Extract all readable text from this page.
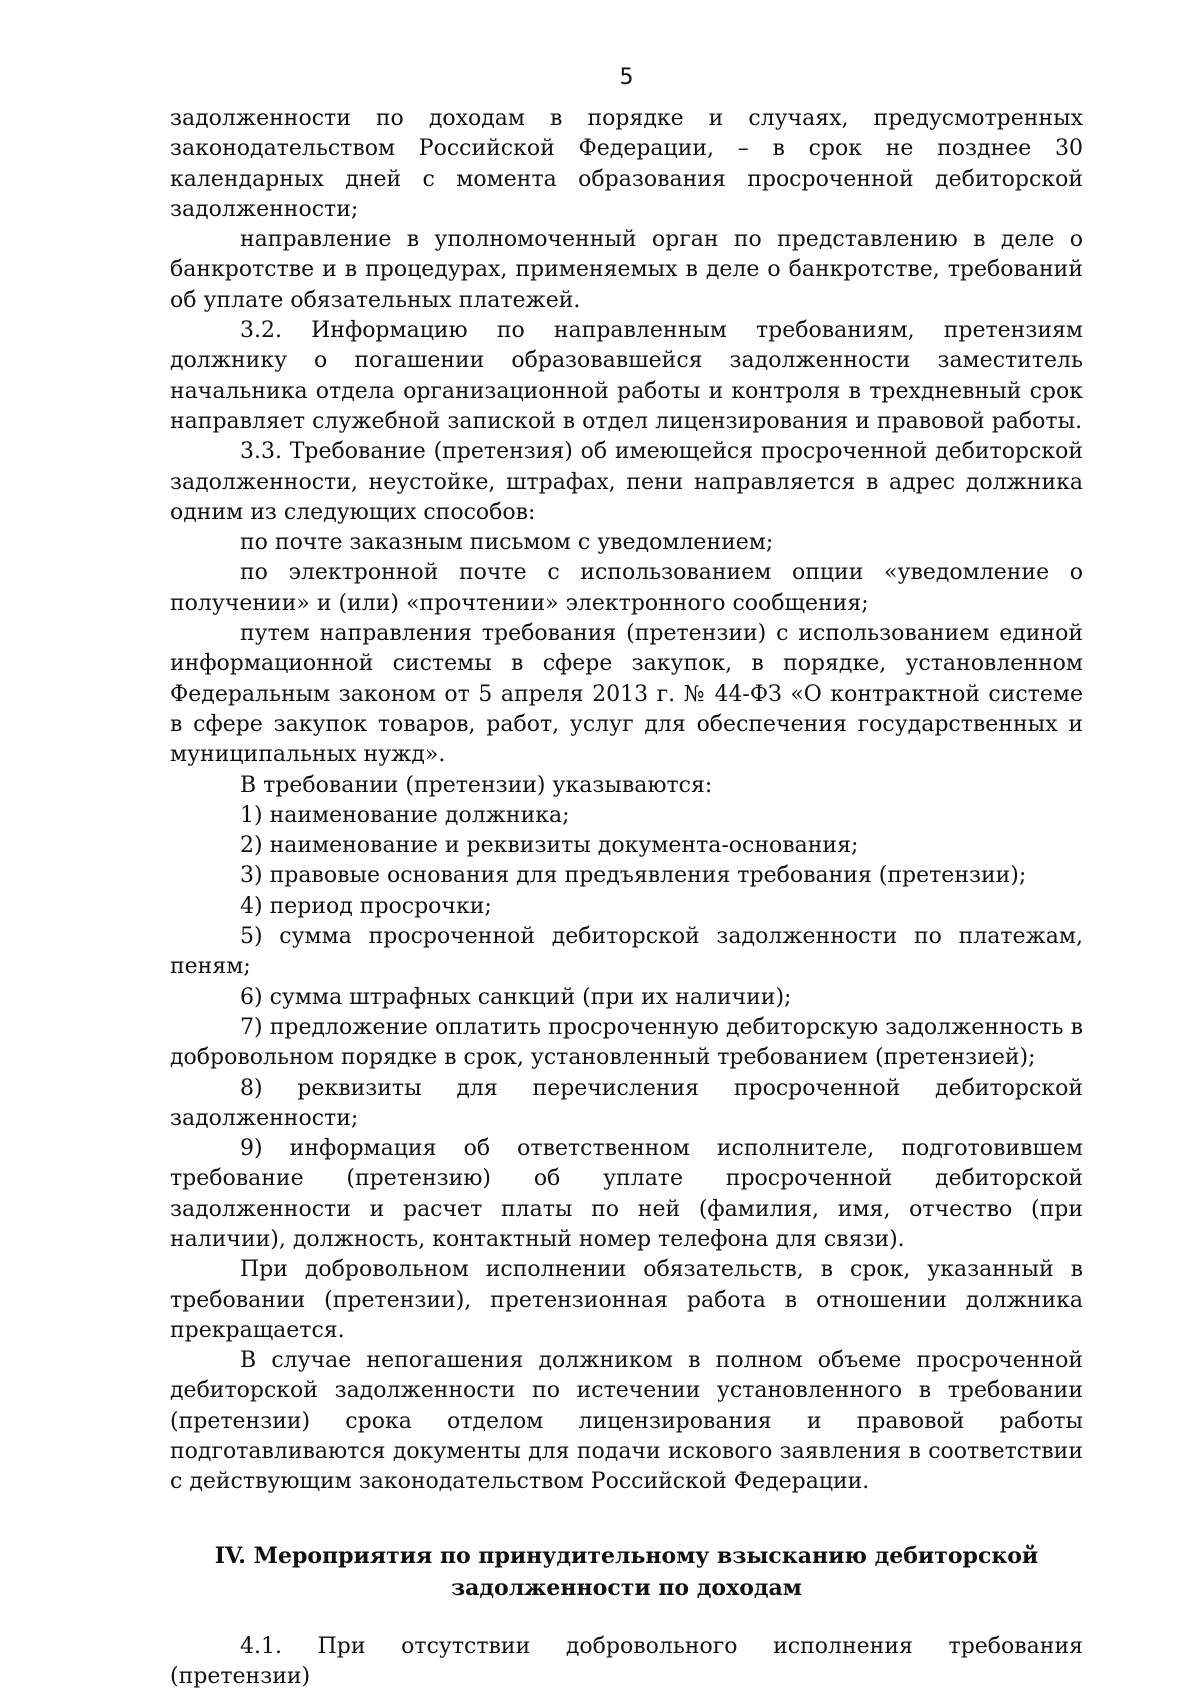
5

задолженности по доходам в порядке и случаях, предусмотренных законодательством Российской Федерации, – в срок не позднее 30 календарных дней с момента образования просроченной дебиторской задолженности;

направление в уполномоченный орган по представлению в деле о банкротстве и в процедурах, применяемых в деле о банкротстве, требований об уплате обязательных платежей.

3.2. Информацию по направленным требованиям, претензиям должнику о погашении образовавшейся задолженности заместитель начальника отдела организационной работы и контроля в трехдневный срок направляет служебной запиской в отдел лицензирования и правовой работы.

3.3. Требование (претензия) об имеющейся просроченной дебиторской задолженности, неустойке, штрафах, пени направляется в адрес должника одним из следующих способов:

по почте заказным письмом с уведомлением;

по электронной почте с использованием опции «уведомление о получении» и (или) «прочтении» электронного сообщения;

путем направления требования (претензии) с использованием единой информационной системы в сфере закупок, в порядке, установленном Федеральным законом от 5 апреля 2013 г. № 44-ФЗ «О контрактной системе в сфере закупок товаров, работ, услуг для обеспечения государственных и муниципальных нужд».

В требовании (претензии) указываются:

1) наименование должника;

2) наименование и реквизиты документа-основания;

3) правовые основания для предъявления требования (претензии);

4) период просрочки;

5) сумма просроченной дебиторской задолженности по платежам, пеням;

6) сумма штрафных санкций (при их наличии);

7) предложение оплатить просроченную дебиторскую задолженность в добровольном порядке в срок, установленный требованием (претензией);

8) реквизиты для перечисления просроченной дебиторской задолженности;

9) информация об ответственном исполнителе, подготовившем требование (претензию) об уплате просроченной дебиторской задолженности и расчет платы по ней (фамилия, имя, отчество (при наличии), должность, контактный номер телефона для связи).

При добровольном исполнении обязательств, в срок, указанный в требовании (претензии), претензионная работа в отношении должника прекращается.

В случае непогашения должником в полном объеме просроченной дебиторской задолженности по истечении установленного в требовании (претензии) срока отделом лицензирования и правовой работы подготавливаются документы для подачи искового заявления в соответствии с действующим законодательством Российской Федерации.

IV. Мероприятия по принудительному взысканию дебиторской
задолженности по доходам

4.1. При отсутствии добровольного исполнения требования (претензии)
